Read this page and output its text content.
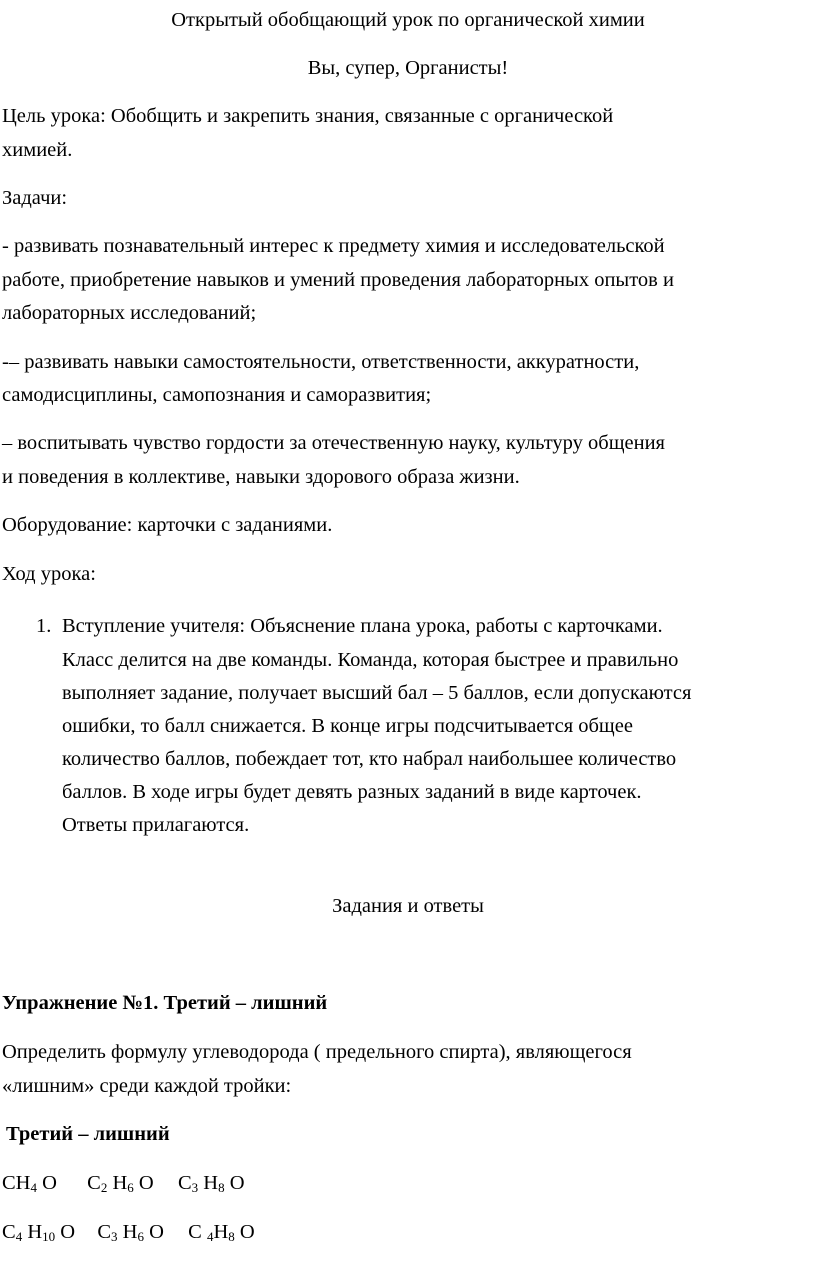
Открытый обобщающий урок по органической химии
Вы, супер, Органисты!
Цель урока: Обобщить и закрепить знания, связанные с органической
химией.
Задачи:
- развивать познавательный интерес к предмету химия и исследовательской
работе, приобретение навыков и умений проведения лабораторных опытов и
лабораторных исследований;
-– развивать навыки самостоятельности, ответственности, аккуратности,
самодисциплины, самопознания и саморазвития;
– воспитывать чувство гордости за отечественную науку, культуру общения
и поведения в коллективе, навыки здорового образа жизни.
Оборудование: карточки с заданиями.
Ход урока:
1. Вступление учителя: Объяснение плана урока, работы с карточками.
Класс делится на две команды. Команда, которая быстрее и правильно
выполняет задание, получает высший бал – 5 баллов, если допускаются
ошибки, то балл снижается. В конце игры подсчитывается общее
количество баллов, побеждает тот, кто набрал наибольшее количество
баллов. В ходе игры будет девять разных заданий в виде карточек.
Ответы прилагаются.
Задания и ответы
Упражнение №1. Третий – лишний
Определить формулу углеводорода ( предельного спирта), являющегося
«лишним» среди каждой тройки:
Третий – лишний
$CH_4$ O $C_2$ $H_6$ O $C_3$ $H_8$ O
$C_4$ $H_{10}$ O $C_3$ $H_6$ O C $_4H_8$ O
